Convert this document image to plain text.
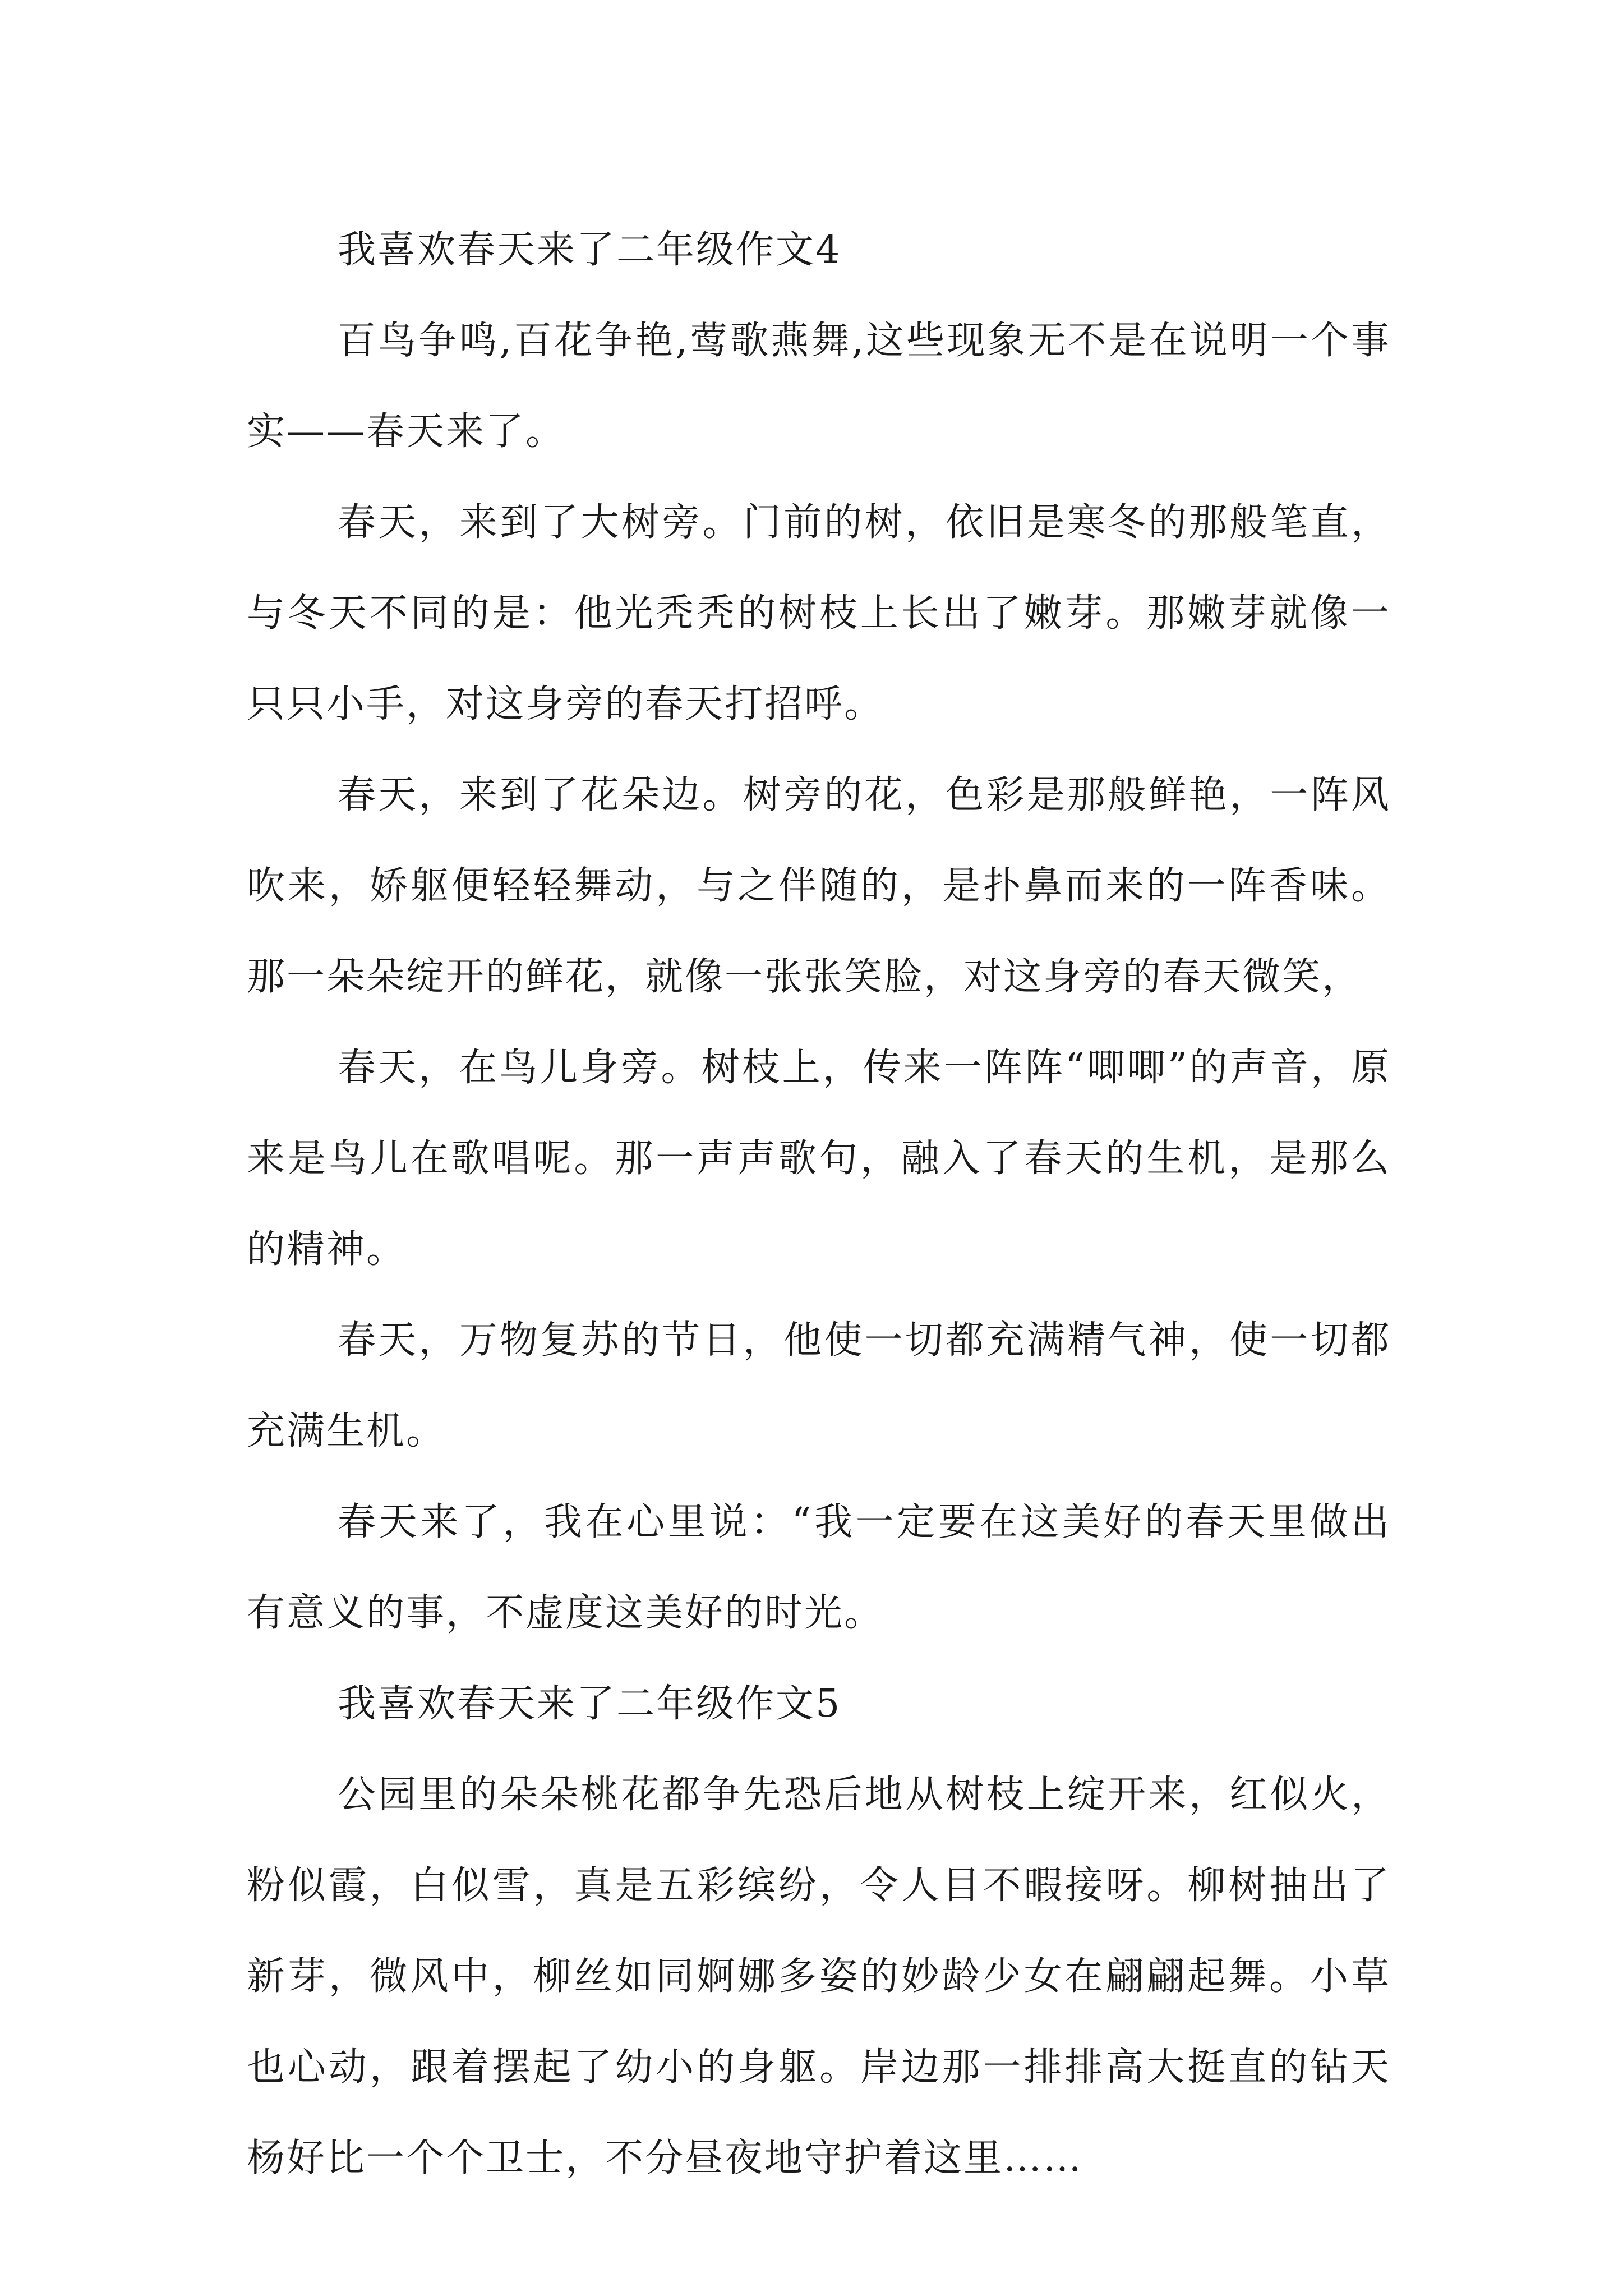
我喜欢春天来了二年级作文4

百鸟争鸣,百花争艳,莺歌燕舞,这些现象无不是在说明一个事实——春天来了。

春天，来到了大树旁。门前的树，依旧是寒冬的那般笔直，与冬天不同的是：他光秃秃的树枝上长出了嫩芽。那嫩芽就像一只只小手，对这身旁的春天打招呼。

春天，来到了花朵边。树旁的花，色彩是那般鲜艳，一阵风吹来，娇躯便轻轻舞动，与之伴随的，是扑鼻而来的一阵香味。那一朵朵绽开的鲜花，就像一张张笑脸，对这身旁的春天微笑，

春天，在鸟儿身旁。树枝上，传来一阵阵“唧唧”的声音，原来是鸟儿在歌唱呢。那一声声歌句，融入了春天的生机，是那么的精神。

春天，万物复苏的节日，他使一切都充满精气神，使一切都充满生机。

春天来了，我在心里说：“我一定要在这美好的春天里做出有意义的事，不虚度这美好的时光。

我喜欢春天来了二年级作文5

公园里的朵朵桃花都争先恐后地从树枝上绽开来，红似火，粉似霞，白似雪，真是五彩缤纷，令人目不暇接呀。柳树抽出了新芽，微风中，柳丝如同婀娜多姿的妙龄少女在翩翩起舞。小草也心动，跟着摆起了幼小的身躯。岸边那一排排高大挺直的钻天杨好比一个个卫士，不分昼夜地守护着这里……
